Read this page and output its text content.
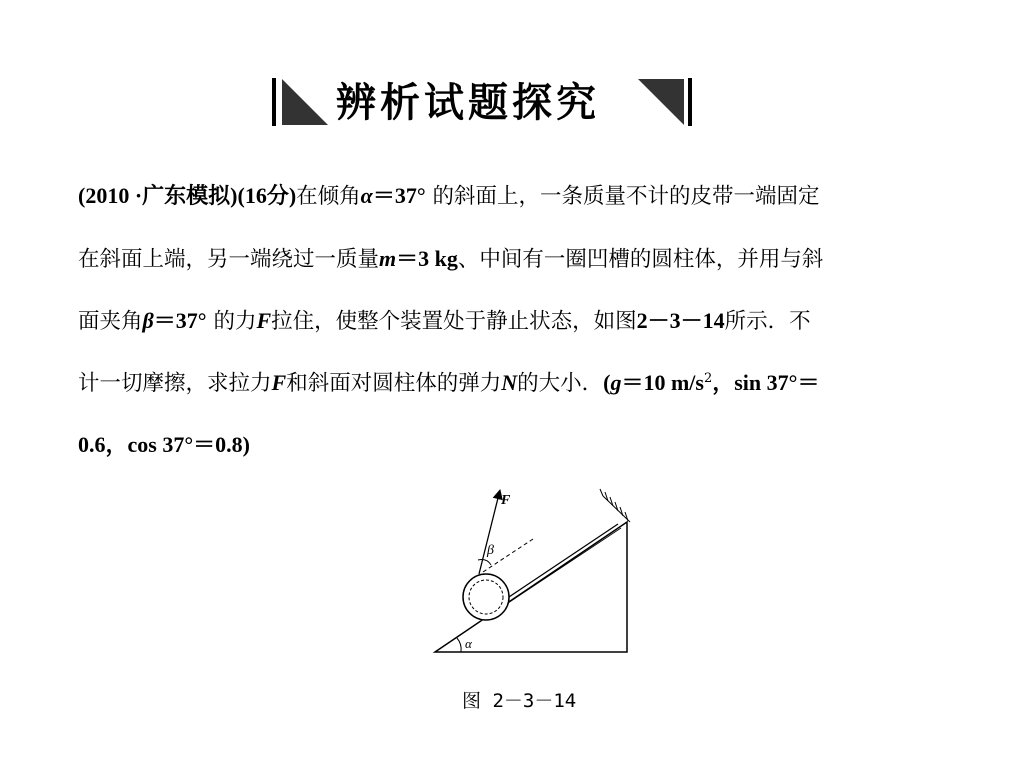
辨析试题探究
(2010 ·广东模拟)(16分)在倾角α＝37° 的斜面上，一条质量不计的皮带一端固定
在斜面上端，另一端绕过一质量m＝3 kg、中间有一圈凹槽的圆柱体，并用与斜
面夹角β＝37° 的力F拉住，使整个装置处于静止状态，如图2－3－14所示．不
计一切摩擦，求拉力F和斜面对圆柱体的弹力N的大小．(g＝10 $m/s^2$，sin 37°＝
0.6，cos 37°＝0.8)
F
β
α
图 2－3－14
